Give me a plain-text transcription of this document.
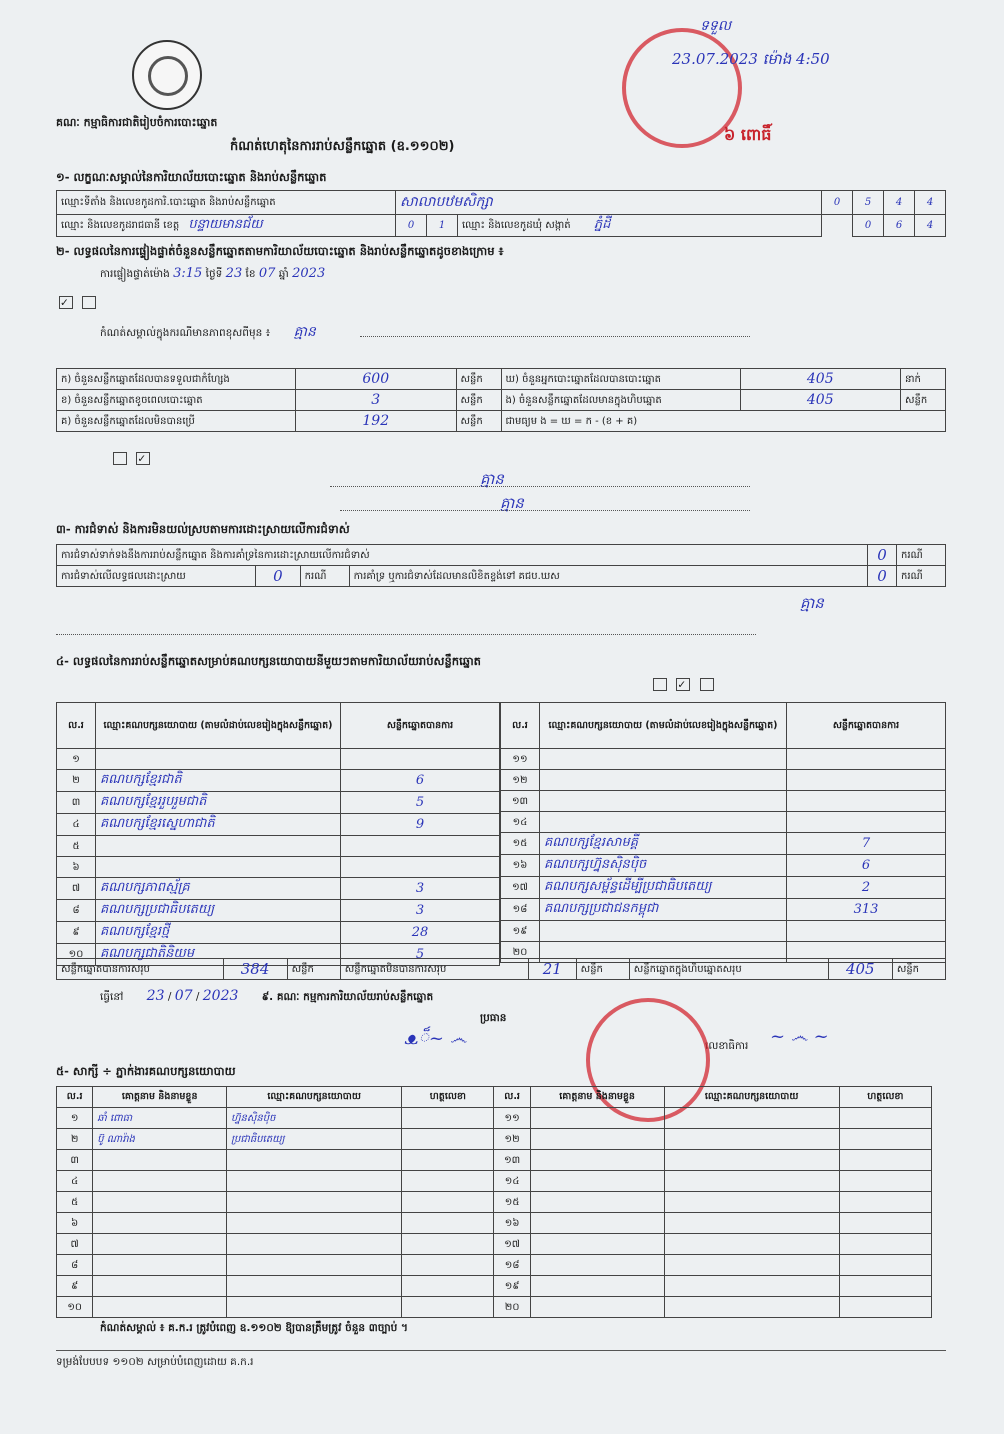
គណៈ កម្មាធិការជាតិរៀបចំការបោះឆ្នោត
កំណត់ហេតុនៃការរាប់សន្លឹកឆ្នោត (ឧ.១១០២)
ទទួល
23.07.2023 ម៉ោង 4:50
៦ ពោធិ៍
១- លក្ខណៈសម្គាល់នៃការិយាល័យបោះឆ្នោត និងរាប់សន្លឹកឆ្នោត
ឈ្មោះទីតាំង និងលេខកូដការិ.បោះឆ្នោត និងរាប់សន្លឹកឆ្នោត	សាលាបឋមសិក្សា			0	5	4	4
ឈ្មោះ និងលេខកូដរាជធានី ខេត្ត បន្ទាយមានជ័យ	0	1	ឈ្មោះ និងលេខកូដឃុំ សង្កាត់ ភ្នំដី		0	6	4
២- លទ្ធផលនៃការផ្ទៀងផ្ទាត់ចំនួនសន្លឹកឆ្នោតតាមការិយាល័យបោះឆ្នោត និងរាប់សន្លឹកឆ្នោតដូចខាងក្រោម ៖
ការផ្ទៀងផ្ទាត់ម៉ោង 3:15 ថ្ងៃទី 23 ខែ 07 ឆ្នាំ 2023
✓
កំណត់សម្គាល់ក្នុងករណីមានភាពខុសពីមុន ៖ គ្មាន
ក) ចំនួនសន្លឹកឆ្នោតដែលបានទទួលជាកំហ្សែង	600	សន្លឹក	ឃ) ចំនួនអ្នកបោះឆ្នោតដែលបានបោះឆ្នោត	405	នាក់
ខ) ចំនួនសន្លឹកឆ្នោតខូចពេលបោះឆ្នោត	3	សន្លឹក	ង) ចំនួនសន្លឹកឆ្នោតដែលមានក្នុងហិបឆ្នោត	405	សន្លឹក
គ) ចំនួនសន្លឹកឆ្នោតដែលមិនបានប្រើ	192	សន្លឹក	ជាមធ្យម ង = ឃ = ក - (ខ + គ)		
✓
គ្មាន
គ្មាន
៣- ការជំទាស់ និងការមិនយល់ស្របតាមការដោះស្រាយលើការជំទាស់
ការជំទាស់ទាក់ទងនឹងការរាប់សន្លឹកឆ្នោត និងការគាំទ្រនៃការដោះស្រាយលើការជំទាស់				0	ករណី
ការជំទាស់លើលទ្ធផលដោះស្រាយ	0	ករណី	ការគាំទ្រ ឬការជំទាស់ដែលមានលិខិតខ្ទង់ទៅ គជប.ឃស	0	ករណី
គ្មាន
៤- លទ្ធផលនៃការរាប់សន្លឹកឆ្នោតសម្រាប់គណបក្សនយោបាយនីមួយៗតាមការិយាល័យរាប់សន្លឹកឆ្នោត
✓
ល.រ	ឈ្មោះគណបក្សនយោបាយ (តាមលំដាប់លេខរៀងក្នុងសន្លឹកឆ្នោត)	សន្លឹកឆ្នោតបានការ
១		
២	គណបក្សខ្មែរជាតិ	6
៣	គណបក្សខ្មែររួបរួមជាតិ	5
៤	គណបក្សខ្មែរស្នេហាជាតិ	9
៥		
៦		
៧	គណបក្សភាពស្ម័គ្រ	3
៨	គណបក្សប្រជាធិបតេយ្យ	3
៩	គណបក្សខ្មែរថ្មី	28
១០	គណបក្សជាតិនិយម	5
ល.រ	ឈ្មោះគណបក្សនយោបាយ (តាមលំដាប់លេខរៀងក្នុងសន្លឹកឆ្នោត)	សន្លឹកឆ្នោតបានការ
១១		
១២		
១៣		
១៤		
១៥	គណបក្សខ្មែរសាមគ្គី	7
១៦	គណបក្សហ្វ៊ុនស៊ិនប៉ិច	6
១៧	គណបក្សសម្ព័ន្ធដើម្បីប្រជាធិបតេយ្យ	2
១៨	គណបក្សប្រជាជនកម្ពុជា	313
១៩		
២០		
សន្លឹកឆ្នោតបានការសរុប	384	សន្លឹក	សន្លឹកឆ្នោតមិនបានការសរុប	21	សន្លឹក	សន្លឹកឆ្នោតក្នុងហិបឆ្នោតសរុប	405	សន្លឹក
ធ្វើនៅ 23 / 07 / 2023 ៩. គណៈ កម្មការការិយាល័យរាប់សន្លឹកឆ្នោត
ប្រធាន
លេខាធិការ
ᴥ៏~ ෴	~ ෴ ~
៥- សាក្សី ÷ ភ្នាក់ងារគណបក្សនយោបាយ
ល.រ	គោត្តនាម និងនាមខ្លួន	ឈ្មោះគណបក្សនយោបាយ	ហត្ថលេខា	ល.រ	គោត្តនាម និងនាមខ្លួន	ឈ្មោះគណបក្សនយោបាយ	ហត្ថលេខា
១	ឆាំ ពោធា	ហ្វ៊ុនស៊ិនប៉ិច		១១			
២	ប៊ូ ណារ៉ាង	ប្រជាធិបតេយ្យ		១២			
៣				១៣			
៤				១៤			
៥				១៥			
៦				១៦			
៧				១៧			
៨				១៨			
៩				១៩			
១០				២០			
កំណត់សម្គាល់ ៖ គ.ក.រ ត្រូវបំពេញ ឧ.១១០២ ឱ្យបានត្រឹមត្រូវ ចំនួន ៣ច្បាប់ ។
ទម្រង់បែបបទ ១១០២ សម្រាប់បំពេញដោយ គ.ក.រ
